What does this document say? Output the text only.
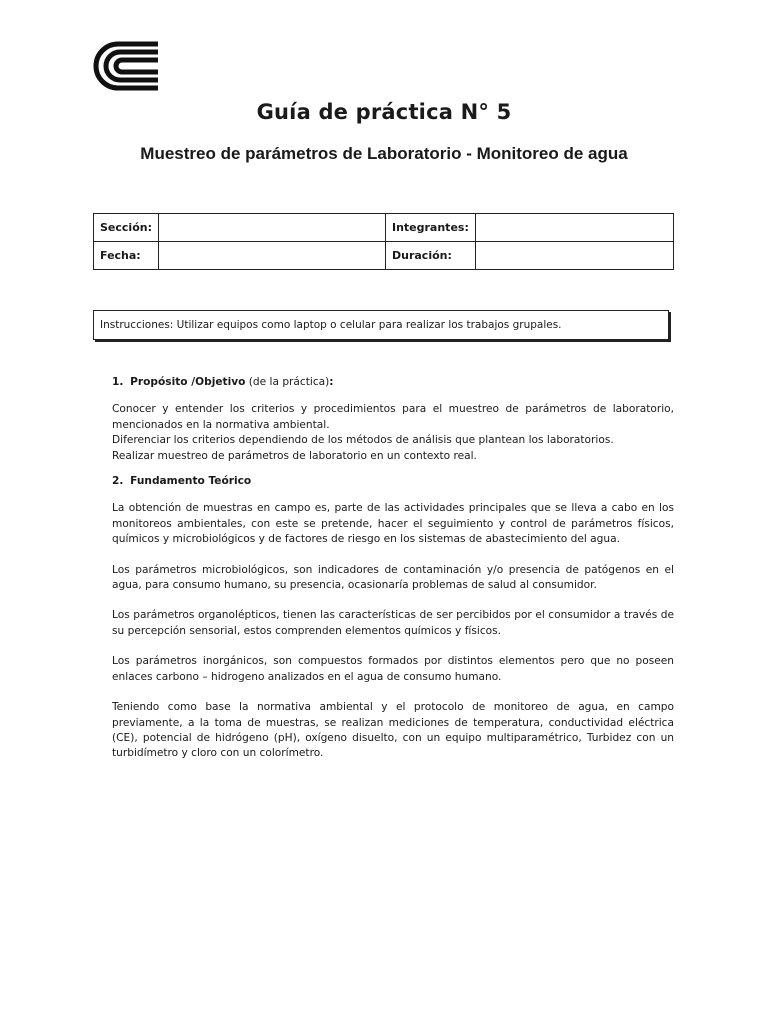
Guía de práctica N° 5
Muestreo de parámetros de Laboratorio - Monitoreo de agua
Sección:		Integrantes:	
Fecha:		Duración:	
Instrucciones: Utilizar equipos como laptop o celular para realizar los trabajos grupales.
1. Propósito /Objetivo (de la práctica):

Conocer y entender los criterios y procedimientos para el muestreo de parámetros de laboratorio, mencionados en la normativa ambiental.

Diferenciar los criterios dependiendo de los métodos de análisis que plantean los laboratorios.

Realizar muestreo de parámetros de laboratorio en un contexto real.

2. Fundamento Teórico

La obtención de muestras en campo es, parte de las actividades principales que se lleva a cabo en los monitoreos ambientales, con este se pretende, hacer el seguimiento y control de parámetros físicos, químicos y microbiológicos y de factores de riesgo en los sistemas de abastecimiento del agua.

Los parámetros microbiológicos, son indicadores de contaminación y/o presencia de patógenos en el agua, para consumo humano, su presencia, ocasionaría problemas de salud al consumidor.

Los parámetros organolépticos, tienen las características de ser percibidos por el consumidor a través de su percepción sensorial, estos comprenden elementos químicos y físicos.

Los parámetros inorgánicos, son compuestos formados por distintos elementos pero que no poseen enlaces carbono – hidrogeno analizados en el agua de consumo humano.

Teniendo como base la normativa ambiental y el protocolo de monitoreo de agua, en campo previamente, a la toma de muestras, se realizan mediciones de temperatura, conductividad eléctrica (CE), potencial de hidrógeno (pH), oxígeno disuelto, con un equipo multiparamétrico, Turbidez con un turbidímetro y cloro con un colorímetro.
